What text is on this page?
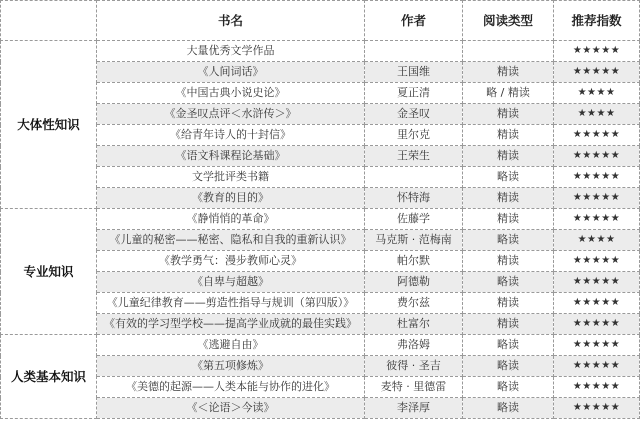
	书名	作者	阅读类型	推荐指数
大体性知识	大量优秀文学作品			★★★★★
	《人间词话》	王国维	精读	★★★★★
	《中国古典小说史论》	夏正清	略 / 精读	★★★★
	《金圣叹点评＜水浒传＞》	金圣叹	精读	★★★★
	《给青年诗人的十封信》	里尔克	精读	★★★★★
	《语文科课程论基础》	王荣生	精读	★★★★★
	文学批评类书籍		略读	★★★★★
	《教育的目的》	怀特海	精读	★★★★★
专业知识	《静悄悄的革命》	佐藤学	精读	★★★★★
	《儿童的秘密——秘密、隐私和自我的重新认识》	马克斯 · 范梅南	略读	★★★★
	《教学勇气：漫步教师心灵》	帕尔默	精读	★★★★★
	《自卑与超越》	阿德勒	略读	★★★★★
	《儿童纪律教育——剪造性指导与规训（第四版）》	费尔兹	精读	★★★★★
	《有效的学习型学校——提高学业成就的最佳实践》	杜富尔	精读	★★★★★
人类基本知识	《逃避自由》	弗洛姆	略读	★★★★★
	《第五项修炼》	彼得 · 圣吉	略读	★★★★★
	《美德的起源——人类本能与协作的进化》	麦特 · 里德雷	略读	★★★★★
	《＜论语＞今读》	李泽厚	略读	★★★★★
